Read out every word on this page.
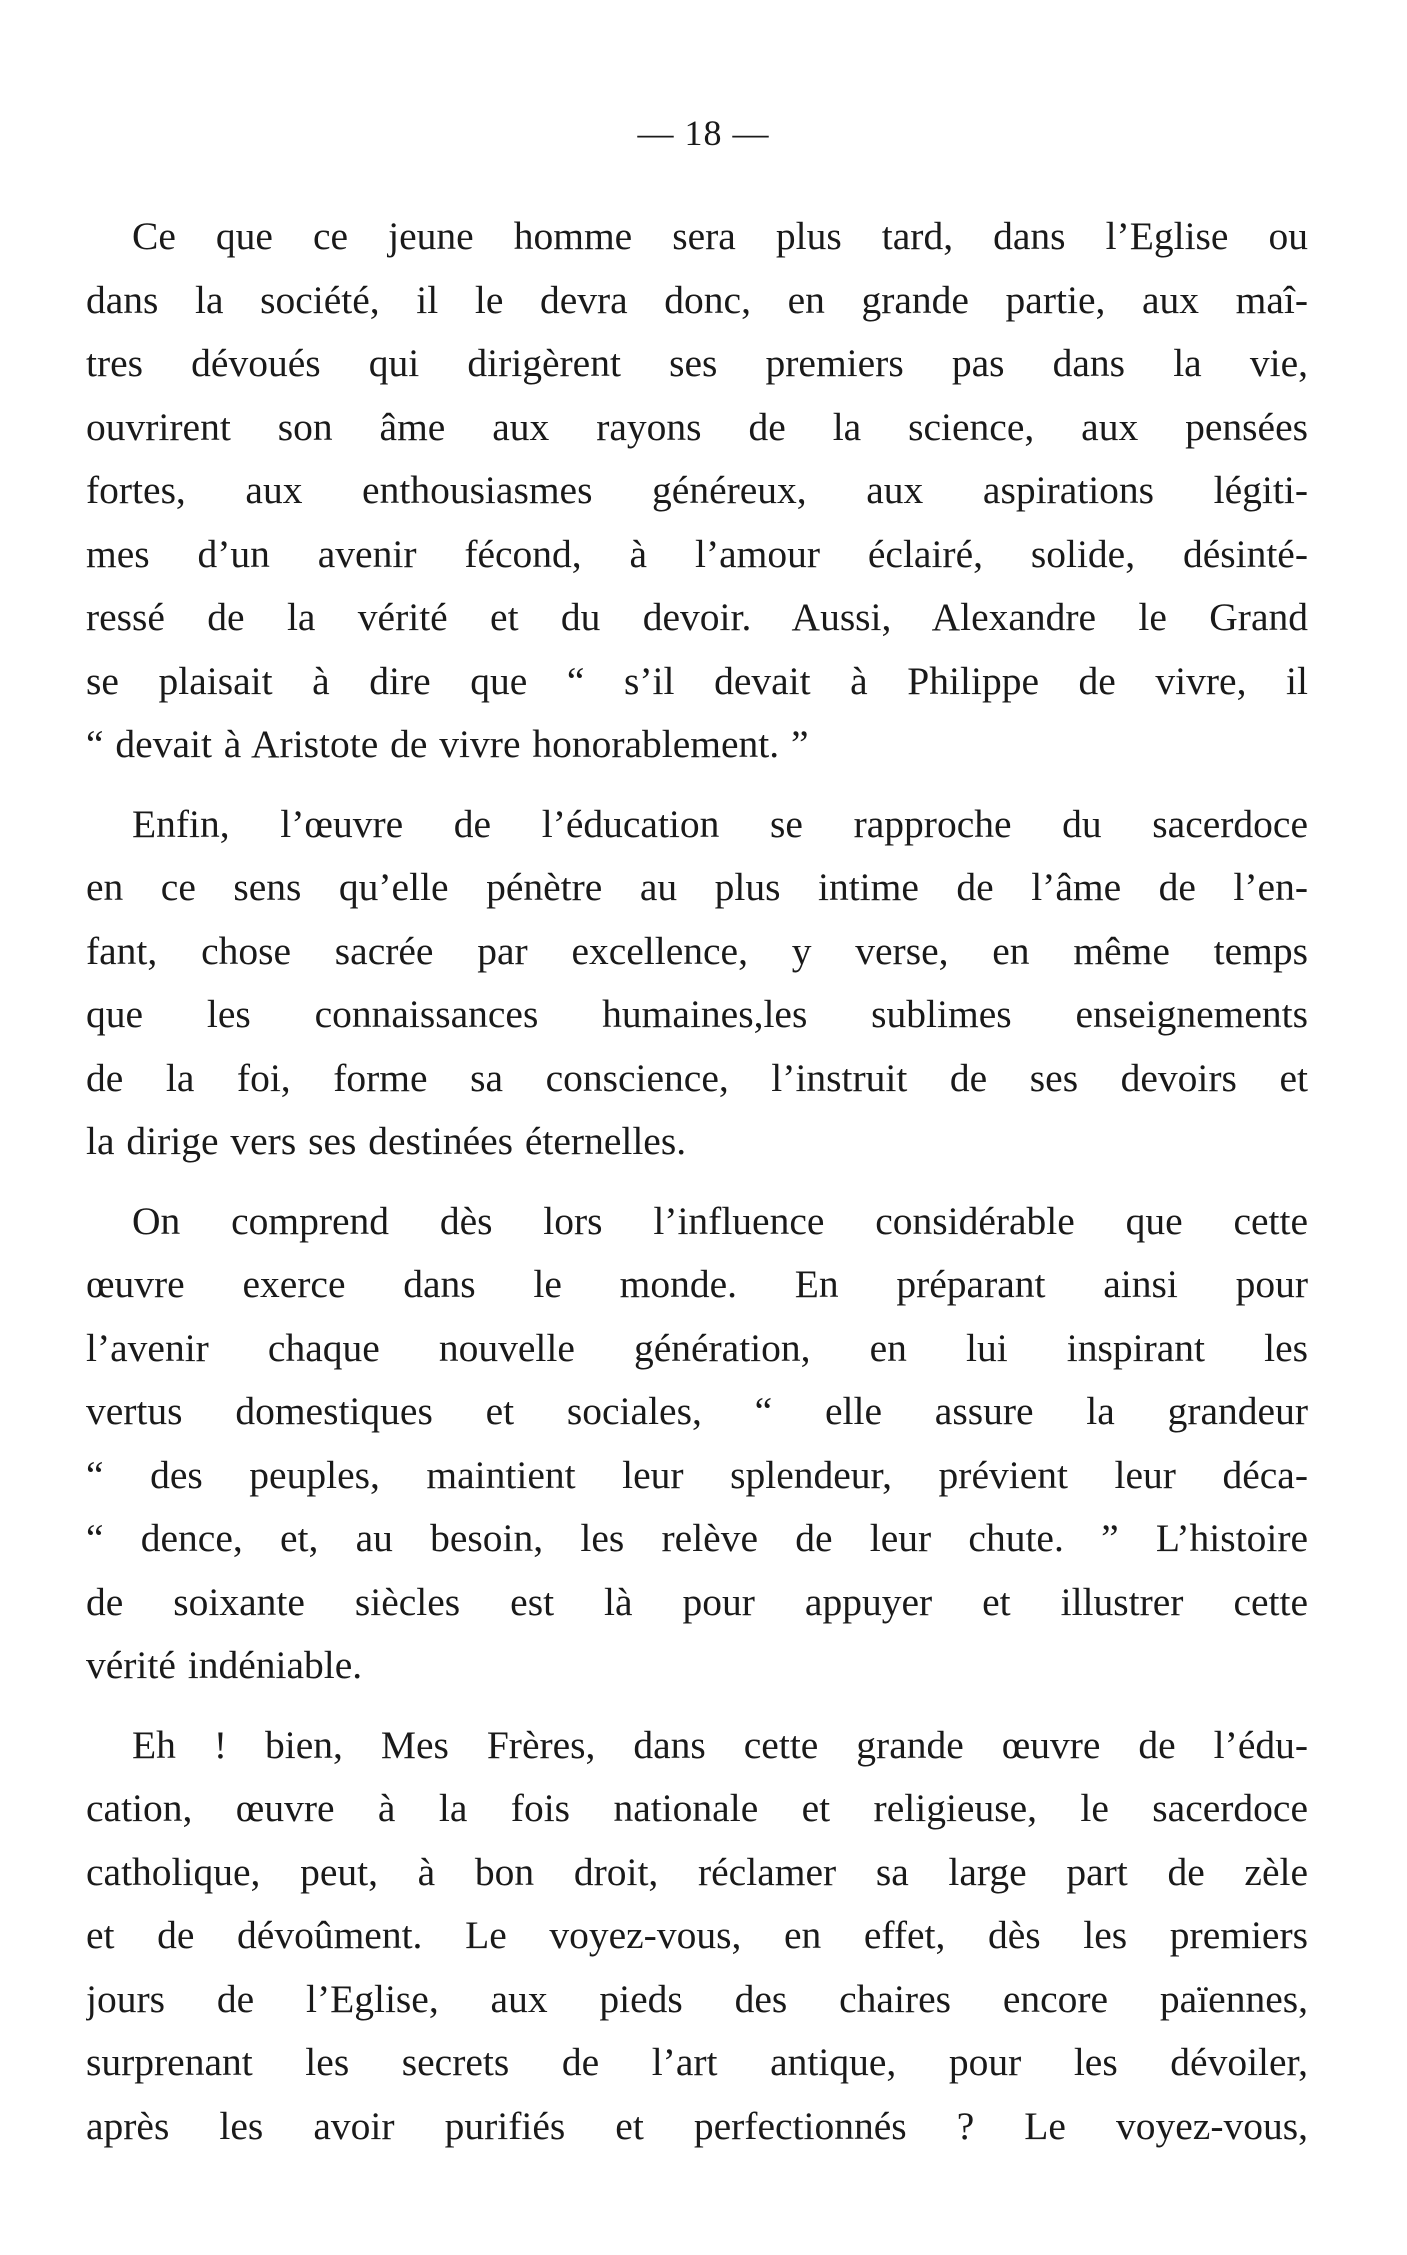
— 18 —

Ce que ce jeune homme sera plus tard, dans l’Eglise ou
dans la société, il le devra donc, en grande partie, aux maî-
tres dévoués qui dirigèrent ses premiers pas dans la vie,
ouvrirent son âme aux rayons de la science, aux pensées
fortes, aux enthousiasmes généreux, aux aspirations légiti-
mes d’un avenir fécond, à l’amour éclairé, solide, désinté-
ressé de la vérité et du devoir. Aussi, Alexandre le Grand
se plaisait à dire que “ s’il devait à Philippe de vivre, il
“ devait à Aristote de vivre honorablement. ”

Enfin, l’œuvre de l’éducation se rapproche du sacerdoce
en ce sens qu’elle pénètre au plus intime de l’âme de l’en-
fant, chose sacrée par excellence, y verse, en même temps
que les connaissances humaines,les sublimes enseignements
de la foi, forme sa conscience, l’instruit de ses devoirs et
la dirige vers ses destinées éternelles.

On comprend dès lors l’influence considérable que cette
œuvre exerce dans le monde. En préparant ainsi pour
l’avenir chaque nouvelle génération, en lui inspirant les
vertus domestiques et sociales, “ elle assure la grandeur
“ des peuples, maintient leur splendeur, prévient leur déca-
“ dence, et, au besoin, les relève de leur chute. ” L’histoire
de soixante siècles est là pour appuyer et illustrer cette
vérité indéniable.

Eh ! bien, Mes Frères, dans cette grande œuvre de l’édu-
cation, œuvre à la fois nationale et religieuse, le sacerdoce
catholique, peut, à bon droit, réclamer sa large part de zèle
et de dévoûment. Le voyez-vous, en effet, dès les premiers
jours de l’Eglise, aux pieds des chaires encore païennes,
surprenant les secrets de l’art antique, pour les dévoiler,
après les avoir purifiés et perfectionnés ? Le voyez-vous,
